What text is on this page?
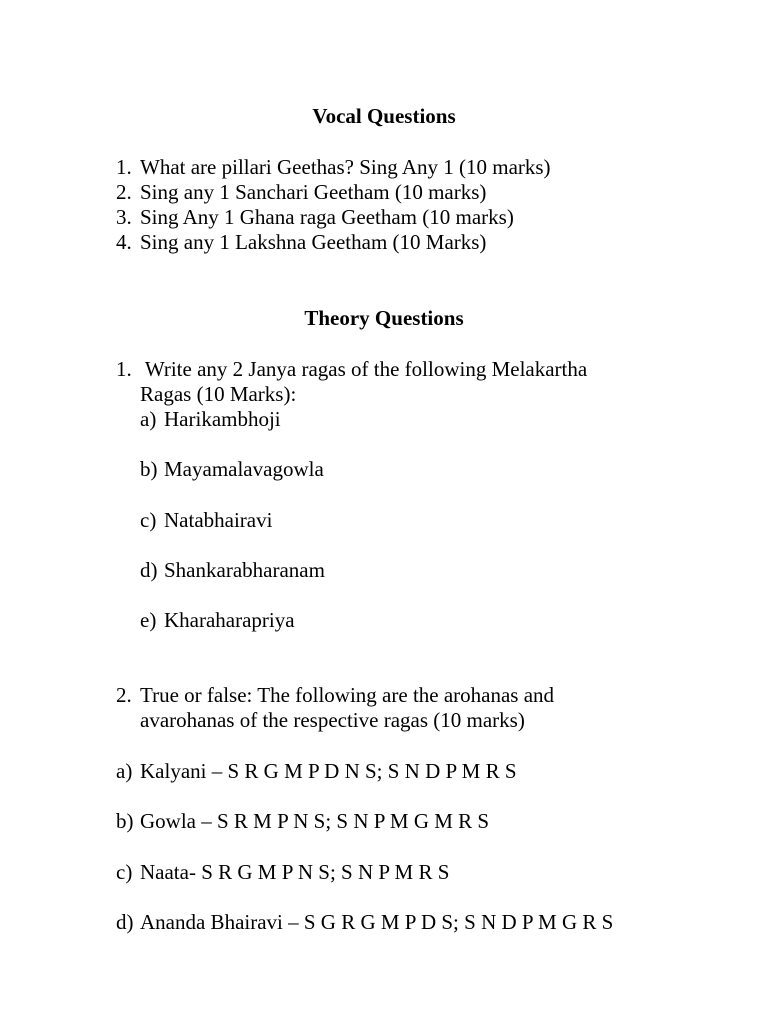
Vocal Questions
1. What are pillari Geethas? Sing Any 1 (10 marks)
2. Sing any 1 Sanchari Geetham (10 marks)
3. Sing Any 1 Ghana raga Geetham (10 marks)
4. Sing any 1 Lakshna Geetham (10 Marks)
Theory Questions
1. Write any 2 Janya ragas of the following Melakartha
Ragas (10 Marks):
a) Harikambhoji
b) Mayamalavagowla
c) Natabhairavi
d) Shankarabharanam
e) Kharaharapriya
2. True or false: The following are the arohanas and
avarohanas of the respective ragas (10 marks)
a) Kalyani – S R G M P D N S; S N D P M R S
b) Gowla – S R M P N S; S N P M G M R S
c) Naata- S R G M P N S; S N P M R S
d) Ananda Bhairavi – S G R G M P D S; S N D P M G R S
